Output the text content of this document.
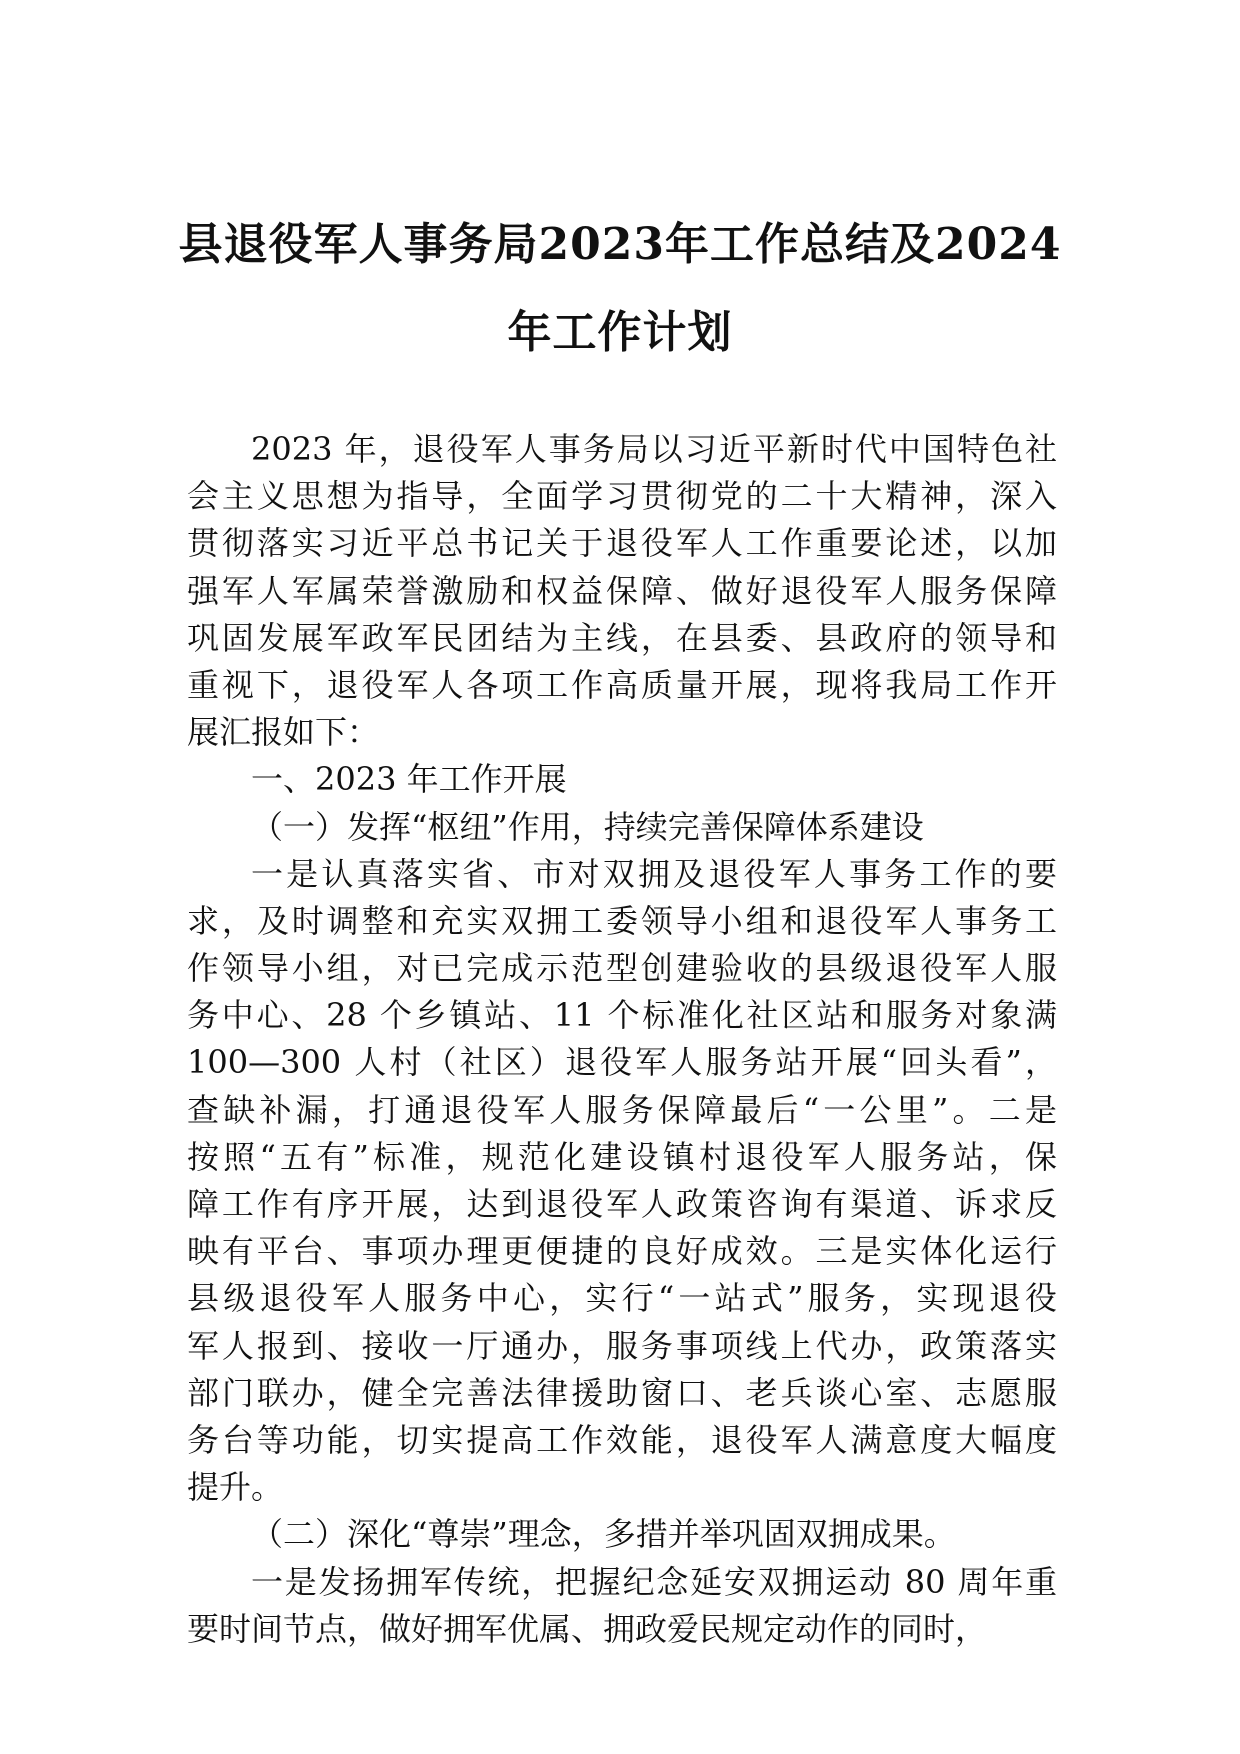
县退役军人事务局2023年工作总结及2024
年工作计划
2023 年，退役军人事务局以习近平新时代中国特色社
会主义思想为指导，全面学习贯彻党的二十大精神，深入
贯彻落实习近平总书记关于退役军人工作重要论述，以加
强军人军属荣誉激励和权益保障、做好退役军人服务保障
巩固发展军政军民团结为主线，在县委、县政府的领导和
重视下，退役军人各项工作高质量开展，现将我局工作开
展汇报如下：
一、2023 年工作开展
（一）发挥“枢纽”作用，持续完善保障体系建设
一是认真落实省、市对双拥及退役军人事务工作的要
求，及时调整和充实双拥工委领导小组和退役军人事务工
作领导小组，对已完成示范型创建验收的县级退役军人服
务中心、28 个乡镇站、11 个标准化社区站和服务对象满
100—300 人村（社区）退役军人服务站开展“回头看”，
查缺补漏，打通退役军人服务保障最后“一公里”。二是
按照“五有”标准，规范化建设镇村退役军人服务站，保
障工作有序开展，达到退役军人政策咨询有渠道、诉求反
映有平台、事项办理更便捷的良好成效。三是实体化运行
县级退役军人服务中心，实行“一站式”服务，实现退役
军人报到、接收一厅通办，服务事项线上代办，政策落实
部门联办，健全完善法律援助窗口、老兵谈心室、志愿服
务台等功能，切实提高工作效能，退役军人满意度大幅度
提升。
（二）深化“尊崇”理念，多措并举巩固双拥成果。
一是发扬拥军传统，把握纪念延安双拥运动 80 周年重
要时间节点，做好拥军优属、拥政爱民规定动作的同时，
